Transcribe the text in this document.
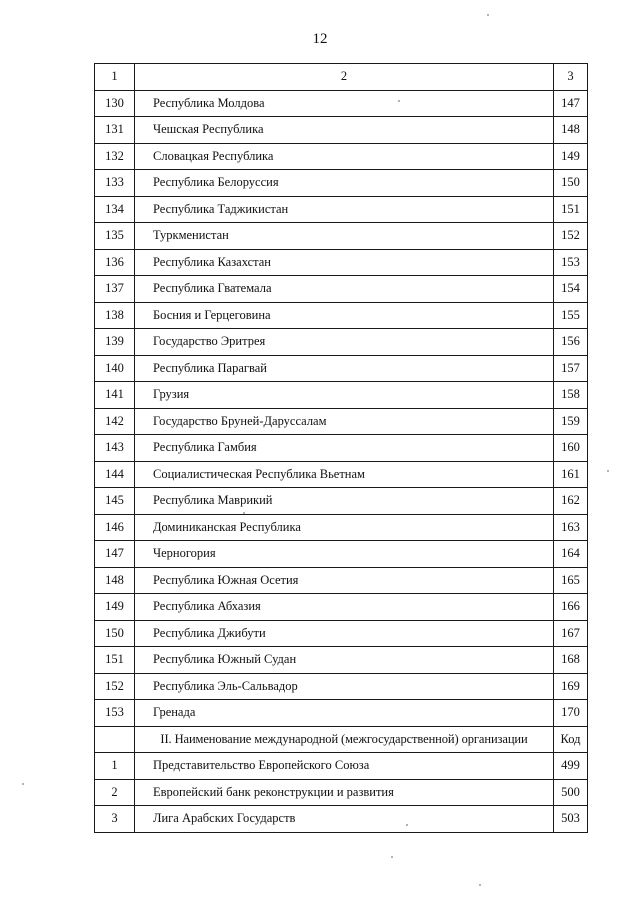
12
1	2	3
130	Республика Молдова	147
131	Чешская Республика	148
132	Словацкая Республика	149
133	Республика Белоруссия	150
134	Республика Таджикистан	151
135	Туркменистан	152
136	Республика Казахстан	153
137	Республика Гватемала	154
138	Босния и Герцеговина	155
139	Государство Эритрея	156
140	Республика Парагвай	157
141	Грузия	158
142	Государство Бруней-Даруссалам	159
143	Республика Гамбия	160
144	Социалистическая Республика Вьетнам	161
145	Республика Маврикий	162
146	Доминиканская Республика	163
147	Черногория	164
148	Республика Южная Осетия	165
149	Республика Абхазия	166
150	Республика Джибути	167
151	Республика Южный Судан	168
152	Республика Эль-Сальвадор	169
153	Гренада	170
	II. Наименование международной (межгосударственной) организации	Код
1	Представительство Европейского Союза	499
2	Европейский банк реконструкции и развития	500
3	Лига Арабских Государств	503
